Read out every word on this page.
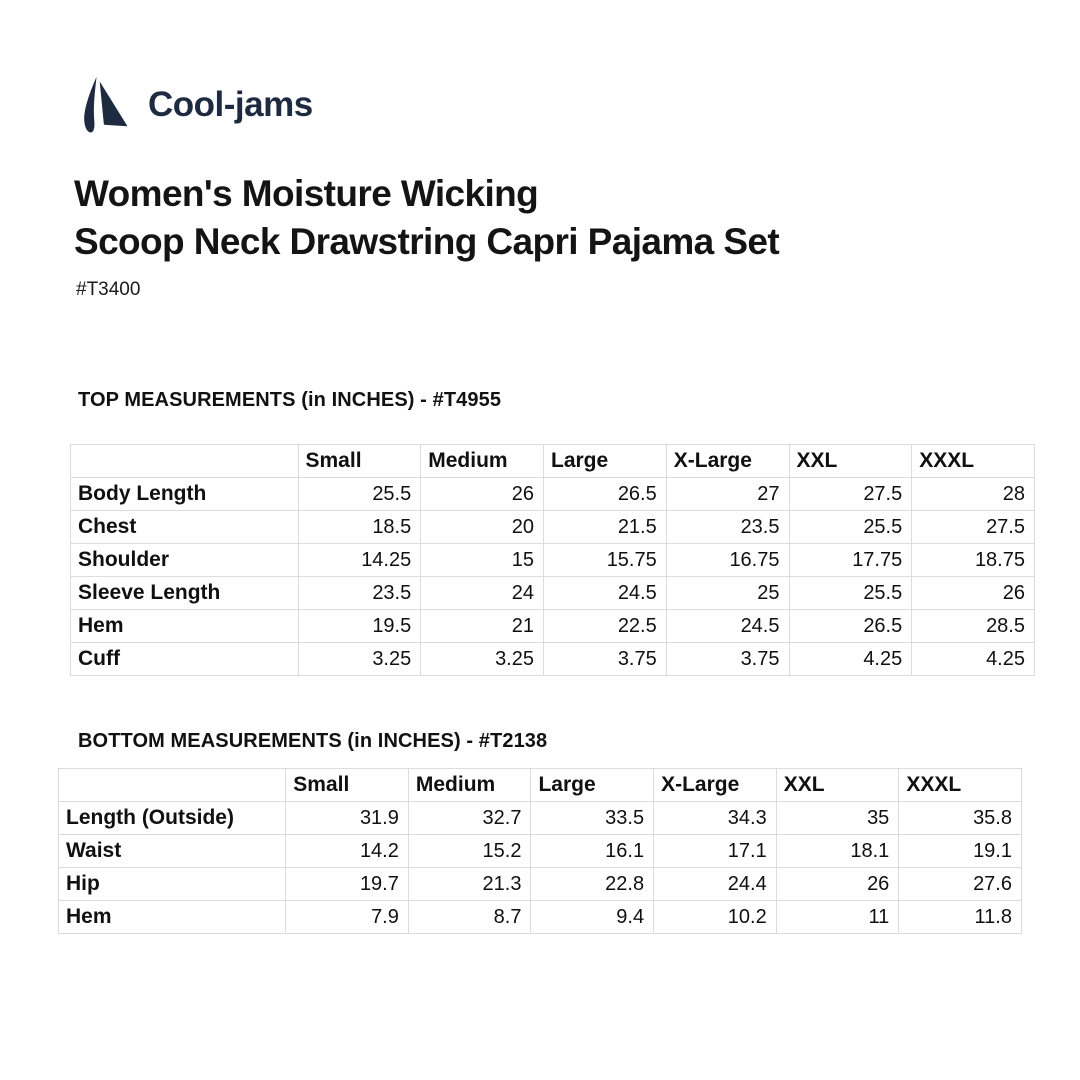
Cool-jams
Women's Moisture Wicking
Scoop Neck Drawstring Capri Pajama Set
#T3400
TOP MEASUREMENTS (in INCHES) - #T4955
	Small	Medium	Large	X-Large	XXL	XXXL
Body Length	25.5	26	26.5	27	27.5	28
Chest	18.5	20	21.5	23.5	25.5	27.5
Shoulder	14.25	15	15.75	16.75	17.75	18.75
Sleeve Length	23.5	24	24.5	25	25.5	26
Hem	19.5	21	22.5	24.5	26.5	28.5
Cuff	3.25	3.25	3.75	3.75	4.25	4.25
BOTTOM MEASUREMENTS (in INCHES) - #T2138
	Small	Medium	Large	X-Large	XXL	XXXL
Length (Outside)	31.9	32.7	33.5	34.3	35	35.8
Waist	14.2	15.2	16.1	17.1	18.1	19.1
Hip	19.7	21.3	22.8	24.4	26	27.6
Hem	7.9	8.7	9.4	10.2	11	11.8
